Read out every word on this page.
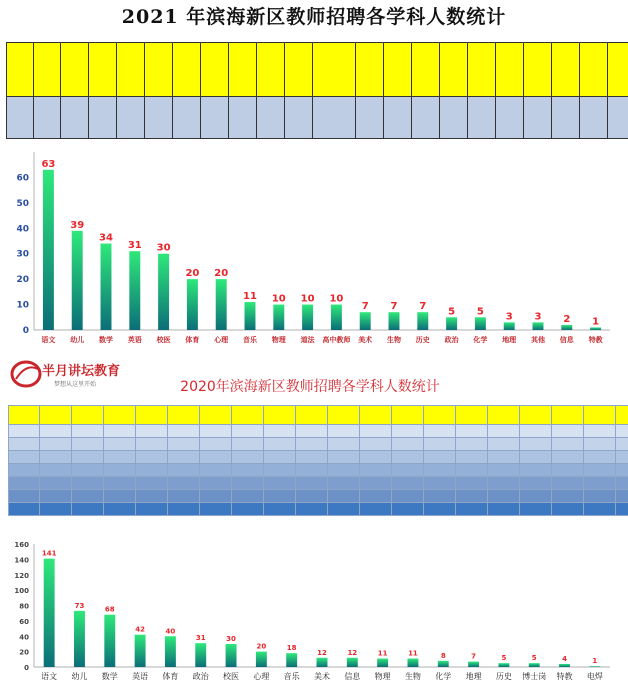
2021 年滨海新区教师招聘各学科人数统计

0
10
20
30
40
50
60
63
语文
39
幼儿
34
数学
31
英语
30
校医
20
体育
20
心理
11
音乐
10
物理
10
道法
10
高中教师
7
美术
7
生物
7
历史
5
政治
5
化学
3
地理
3
其他
2
信息
1
特教
半月讲坛教育
梦想从这里开始	2020年滨海新区教师招聘各学科人数统计

0
20
40
60
80
100
120
140
160
141
语文
73
幼儿
68
数学
42
英语
40
体育
31
政治
30
校医
20
心理
18
音乐
12
美术
12
信息
11
物理
11
生物
8
化学
7
地理
5
历史
5
博士岗
4
特教
1
电焊
